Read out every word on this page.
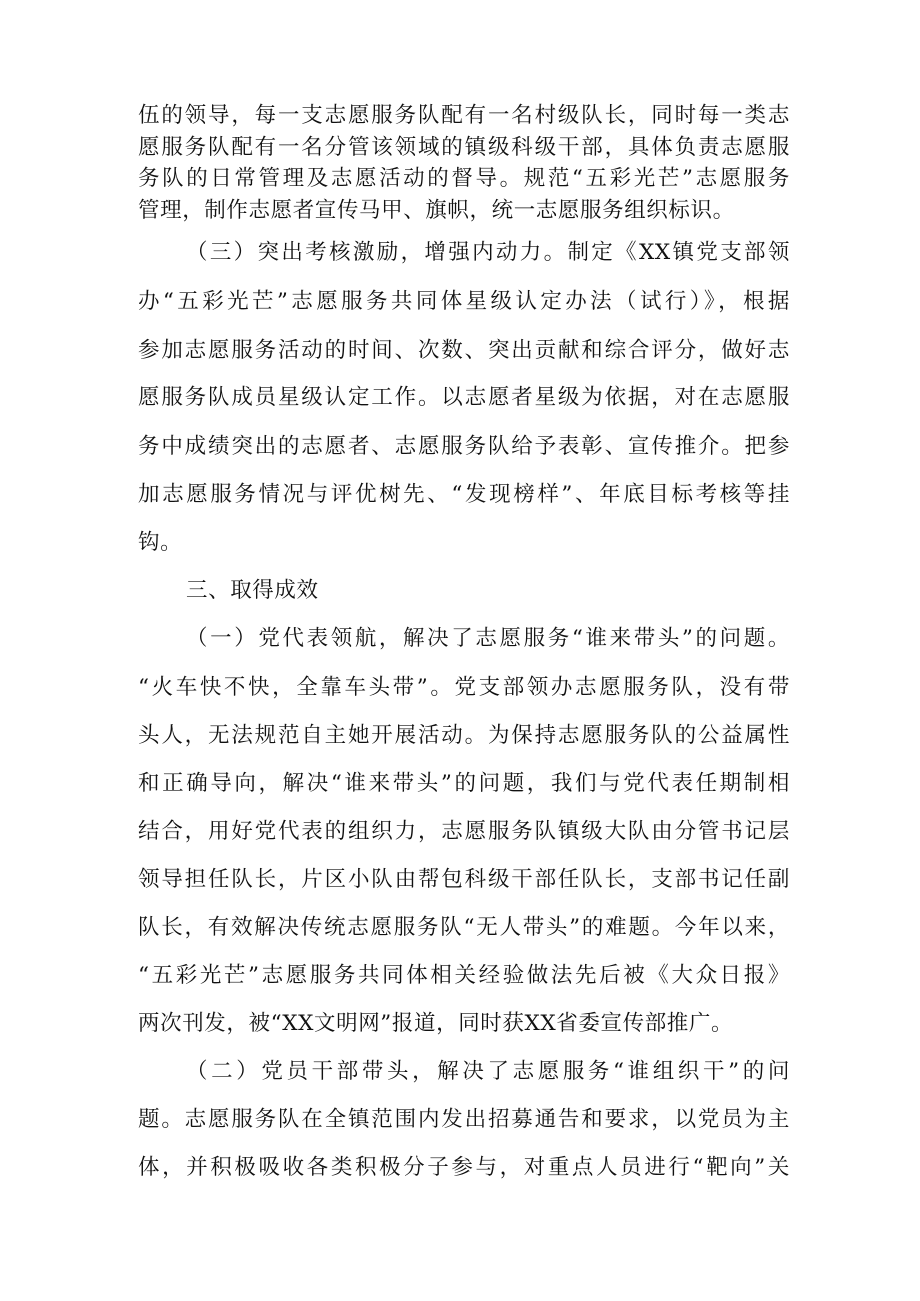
伍的领导，每一支志愿服务队配有一名村级队长，同时每一类志
愿服务队配有一名分管该领域的镇级科级干部，具体负责志愿服
务队的日常管理及志愿活动的督导。规范“五彩光芒”志愿服务
管理，制作志愿者宣传马甲、旗帜，统一志愿服务组织标识。
（三）突出考核激励，增强内动力。制定《XX镇党支部领
办“五彩光芒”志愿服务共同体星级认定办法（试行）》，根据
参加志愿服务活动的时间、次数、突出贡献和综合评分，做好志
愿服务队成员星级认定工作。以志愿者星级为依据，对在志愿服
务中成绩突出的志愿者、志愿服务队给予表彰、宣传推介。把参
加志愿服务情况与评优树先、“发现榜样”、年底目标考核等挂
钩。
三、取得成效
（一）党代表领航，解决了志愿服务“谁来带头”的问题。
“火车快不快，全靠车头带”。党支部领办志愿服务队，没有带
头人，无法规范自主她开展活动。为保持志愿服务队的公益属性
和正确导向，解决“谁来带头”的问题，我们与党代表任期制相
结合，用好党代表的组织力，志愿服务队镇级大队由分管书记层
领导担任队长，片区小队由帮包科级干部任队长，支部书记任副
队长，有效解决传统志愿服务队“无人带头”的难题。今年以来，
“五彩光芒”志愿服务共同体相关经验做法先后被《大众日报》
两次刊发，被“XX文明网”报道，同时获XX省委宣传部推广。
（二）党员干部带头，解决了志愿服务“谁组织干”的问
题。志愿服务队在全镇范围内发出招募通告和要求，以党员为主
体，并积极吸收各类积极分子参与，对重点人员进行“靶向”关
